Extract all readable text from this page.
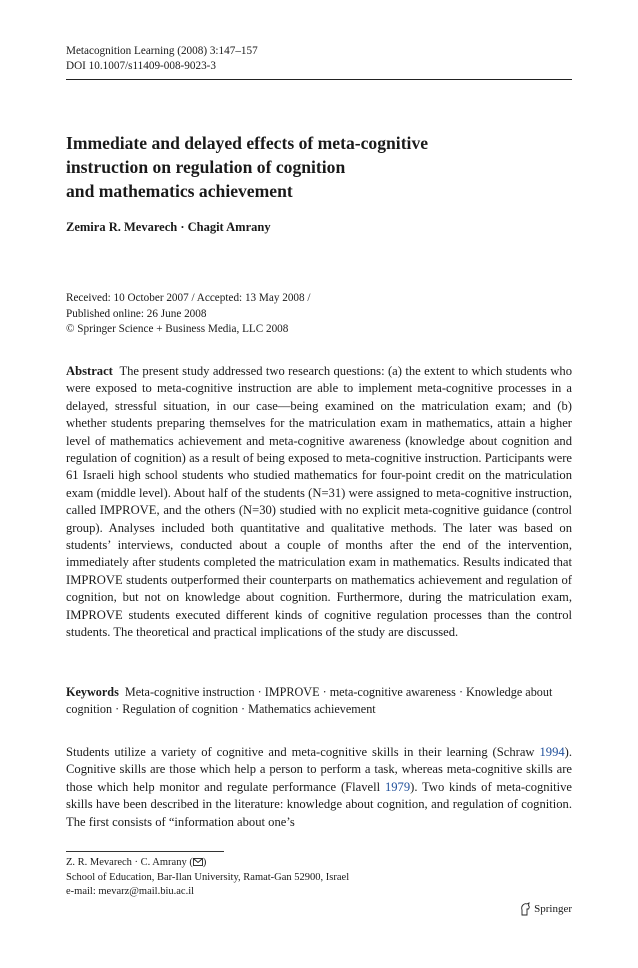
Metacognition Learning (2008) 3:147–157
DOI 10.1007/s11409-008-9023-3
Immediate and delayed effects of meta-cognitive
instruction on regulation of cognition
and mathematics achievement
Zemira R. Mevarech · Chagit Amrany
Received: 10 October 2007 / Accepted: 13 May 2008 /
Published online: 26 June 2008
© Springer Science + Business Media, LLC 2008

Abstract The present study addressed two research questions: (a) the extent to which students who were exposed to meta-cognitive instruction are able to implement meta-cognitive processes in a delayed, stressful situation, in our case—being examined on the matriculation exam; and (b) whether students preparing themselves for the matriculation exam in mathematics, attain a higher level of mathematics achievement and meta-cognitive awareness (knowledge about cognition and regulation of cognition) as a result of being exposed to meta-cognitive instruction. Participants were 61 Israeli high school students who studied mathematics for four-point credit on the matriculation exam (middle level). About half of the students (N=31) were assigned to meta-cognitive instruction, called IMPROVE, and the others (N=30) studied with no explicit meta-cognitive guidance (control group). Analyses included both quantitative and qualitative methods. The later was based on students’ interviews, conducted about a couple of months after the end of the intervention, immediately after students completed the matriculation exam in mathematics. Results indicated that IMPROVE students outperformed their counterparts on mathematics achievement and regulation of cognition, but not on knowledge about cognition. Furthermore, during the matriculation exam, IMPROVE students executed different kinds of cognitive regulation processes than the control students. The theoretical and practical implications of the study are discussed.

Keywords Meta-cognitive instruction · IMPROVE · meta-cognitive awareness · Knowledge about cognition · Regulation of cognition · Mathematics achievement

Students utilize a variety of cognitive and meta-cognitive skills in their learning (Schraw 1994). Cognitive skills are those which help a person to perform a task, whereas meta-cognitive skills are those which help monitor and regulate performance (Flavell 1979). Two kinds of meta-cognitive skills have been described in the literature: knowledge about cognition, and regulation of cognition. The first consists of “information about one’s

Z. R. Mevarech · C. Amrany ( )
School of Education, Bar-Ilan University, Ramat-Gan 52900, Israel
e-mail: mevarz@mail.biu.ac.il
Springer
